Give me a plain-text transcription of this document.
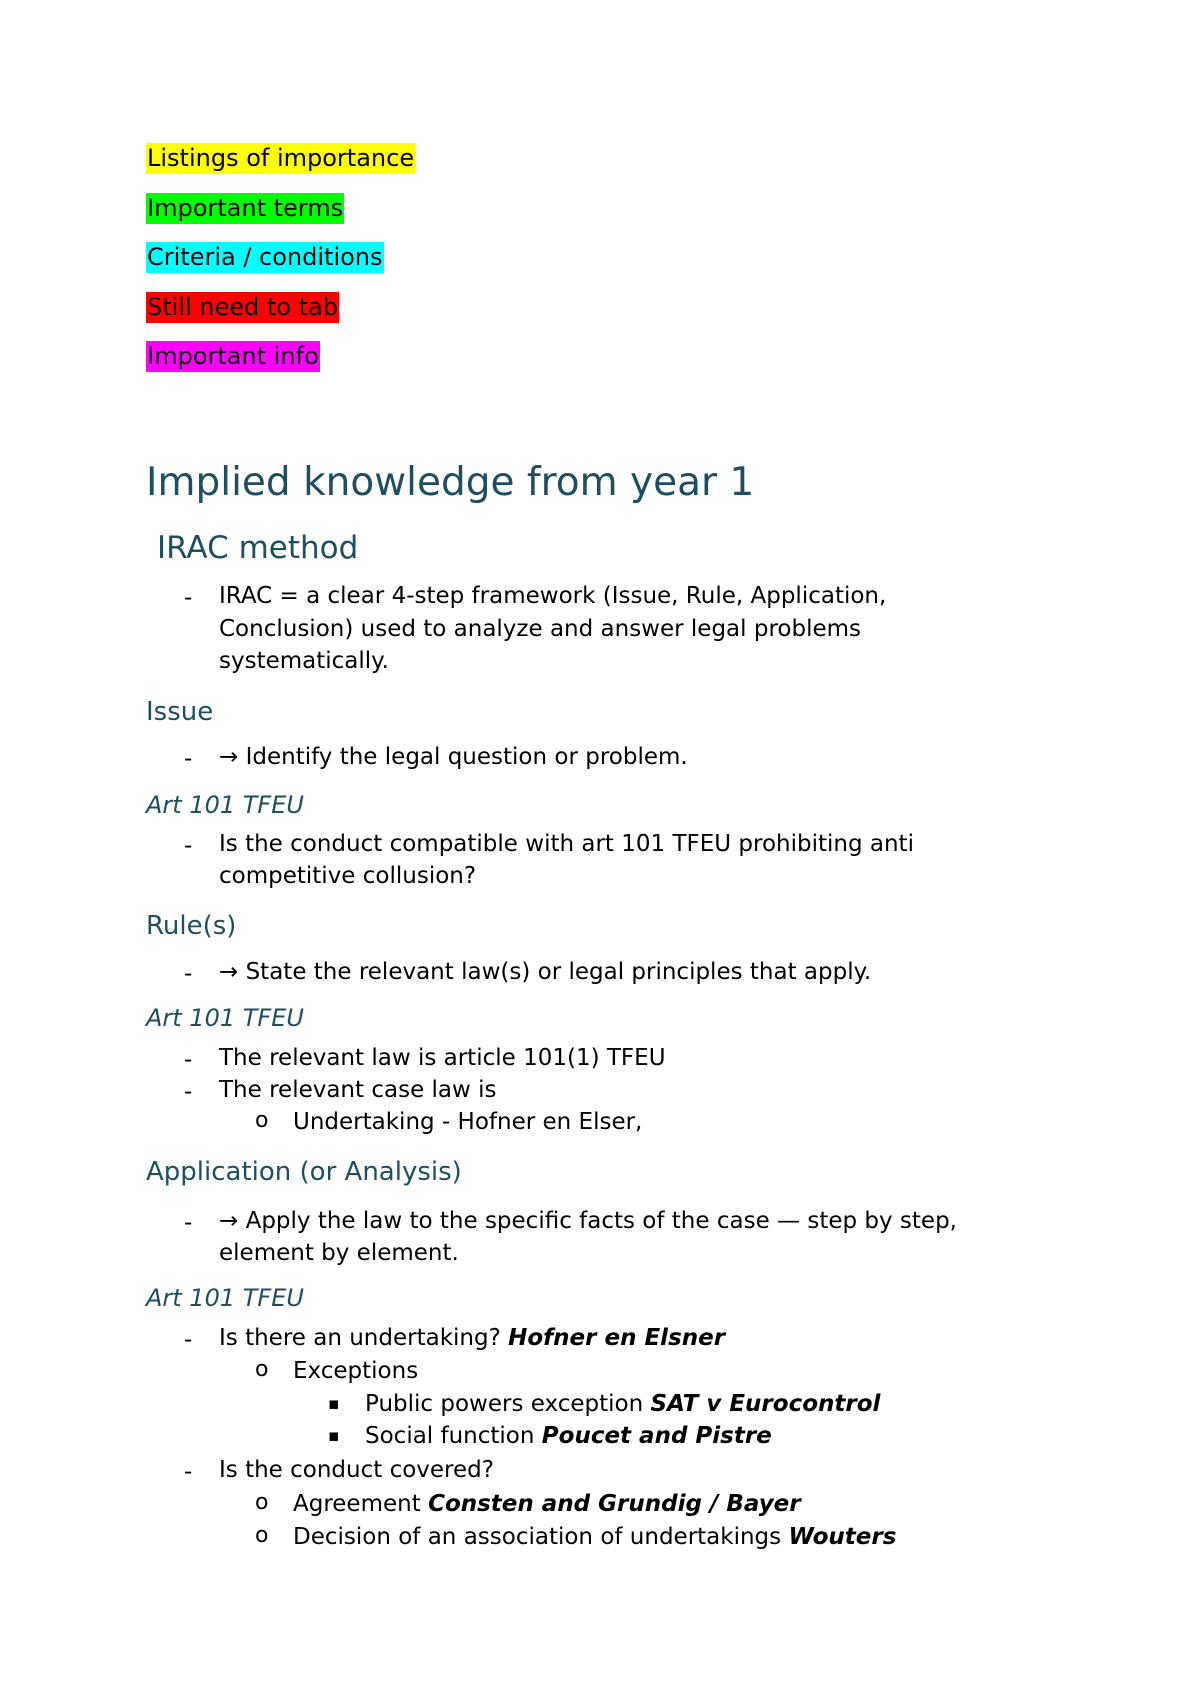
Listings of importance
Important terms
Criteria / conditions
Still need to tab
Important info
Implied knowledge from year 1
IRAC method
- IRAC = a clear 4-step framework (Issue, Rule, Application,
Conclusion) used to analyze and answer legal problems
systematically.
Issue
- → Identify the legal question or problem.
Art 101 TFEU
- Is the conduct compatible with art 101 TFEU prohibiting anti
competitive collusion?
Rule(s)
- → State the relevant law(s) or legal principles that apply.
Art 101 TFEU
- The relevant law is article 101(1) TFEU
- The relevant case law is
o Undertaking - Hofner en Elser,
Application (or Analysis)
- → Apply the law to the specific facts of the case — step by step,
element by element.
Art 101 TFEU
- Is there an undertaking? Hofner en Elsner
o Exceptions
▪ Public powers exception SAT v Eurocontrol
▪ Social function Poucet and Pistre
- Is the conduct covered?
o Agreement Consten and Grundig / Bayer
o Decision of an association of undertakings Wouters
